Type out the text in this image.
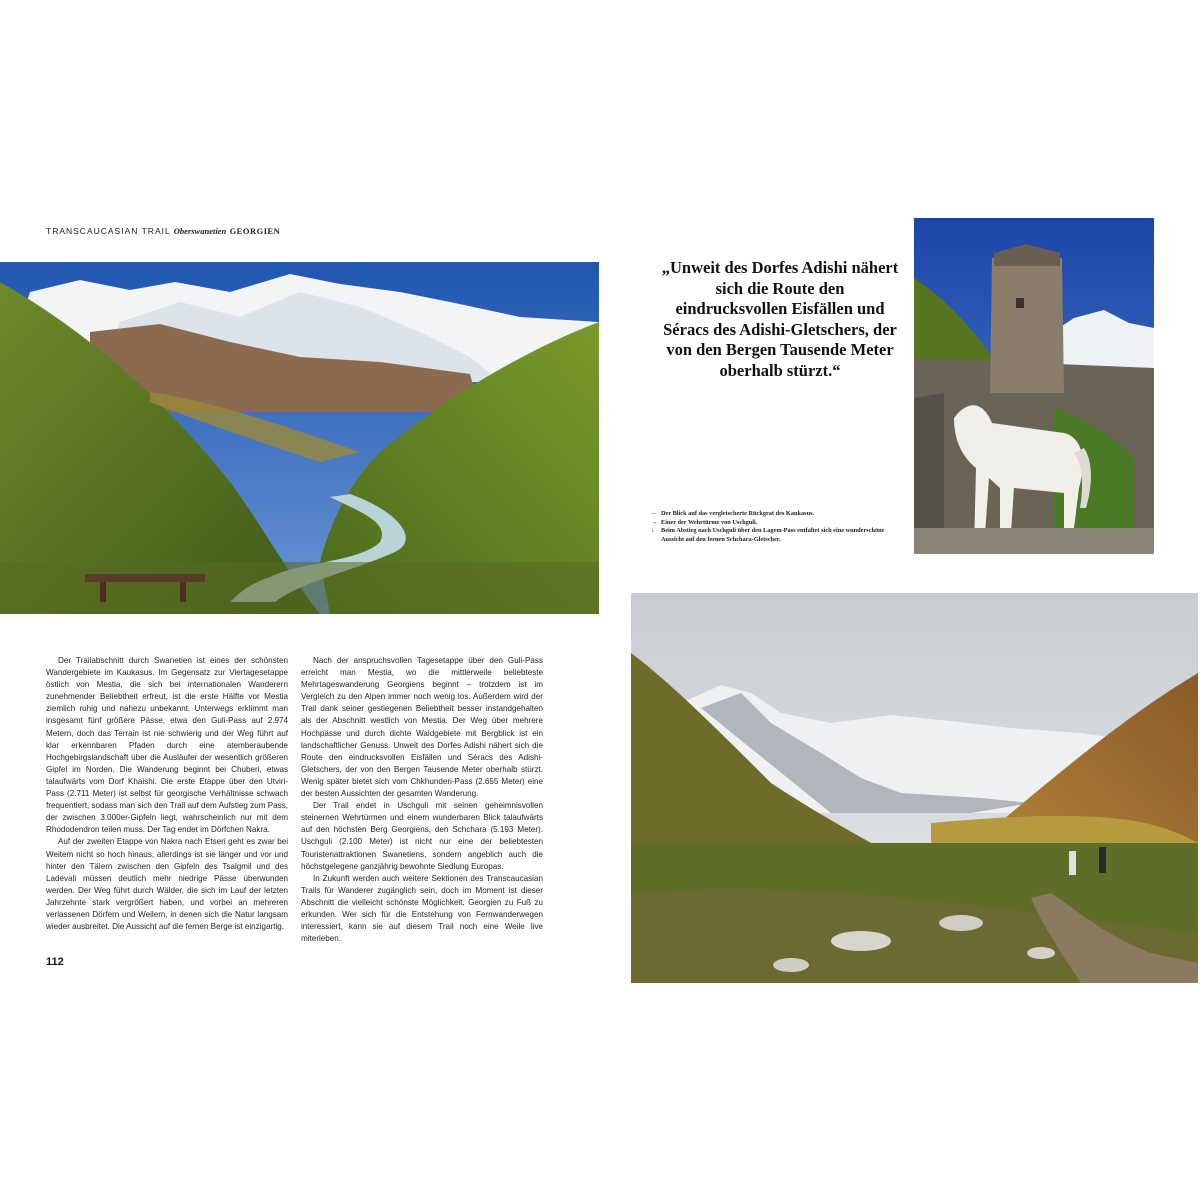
TRANSCAUCASIAN TRAIL Oberswanetien GEORGIEN

Der Trailabschnitt durch Swanetien ist eines der schönsten Wandergebiete im Kaukasus. Im Gegensatz zur Viertagesetappe östlich von Mestia, die sich bei internationalen Wanderern zunehmender Beliebtheit erfreut, ist die erste Hälfte vor Mestia ziemlich ruhig und nahezu unbekannt. Unterwegs erklimmt man insgesamt fünf größere Pässe, etwa den Guli-Pass auf 2.974 Metern, doch das Terrain ist nie schwierig und der Weg führt auf klar erkennbaren Pfaden durch eine atemberaubende Hochgebirgslandschaft über die Ausläufer der wesentlich größeren Gipfel im Norden. Die Wanderung beginnt bei Chuberi, etwas talaufwärts vom Dorf Khaishi. Die erste Etappe über den Utviri-Pass (2.711 Meter) ist selbst für georgische Verhältnisse schwach frequentiert, sodass man sich den Trail auf dem Aufstieg zum Pass, der zwischen 3.000er-Gipfeln liegt, wahrscheinlich nur mit dem Rhododendron teilen muss. Der Tag endet im Dörfchen Nakra.

Auf der zweiten Etappe von Nakra nach Etseri geht es zwar bei Weitem nicht so hoch hinaus, allerdings ist sie länger und vor und hinter den Tälern zwischen den Gipfeln des Tsalgmil und des Ladevali müssen deutlich mehr niedrige Pässe überwunden werden. Der Weg führt durch Wälder, die sich im Lauf der letzten Jahrzehnte stark vergrößert haben, und vorbei an mehreren verlassenen Dörfern und Weilern, in denen sich die Natur langsam wieder ausbreitet. Die Aussicht auf die fernen Berge ist einzigartig.

Nach der anspruchsvollen Tagesetappe über den Guli-Pass erreicht man Mestia, wo die mittlerweile beliebteste Mehrtageswanderung Georgiens beginnt – trotzdem ist im Vergleich zu den Alpen immer noch wenig los. Außerdem wird der Trail dank seiner gestiegenen Beliebtheit besser instandgehalten als der Abschnitt westlich von Mestia. Der Weg über mehrere Hochpässe und durch dichte Waldgebiete mit Bergblick ist ein landschaftlicher Genuss. Unweit des Dorfes Adishi nähert sich die Route den eindrucksvollen Eisfällen und Séracs des Adishi-Gletschers, der von den Bergen Tausende Meter oberhalb stürzt. Wenig später bietet sich vom Chkhunderi-Pass (2.655 Meter) eine der besten Aussichten der gesamten Wanderung.

Der Trail endet in Uschguli mit seinen geheimnisvollen steinernen Wehrtürmen und einem wunderbaren Blick talaufwärts auf den höchsten Berg Georgiens, den Schchara (5.193 Meter). Uschguli (2.100 Meter) ist nicht nur eine der beliebtesten Touristenattraktionen Swanetiens, sondern angeblich auch die höchstgelegene ganzjährig bewohnte Siedlung Europas.

In Zukunft werden auch weitere Sektionen des Transcaucasian Trails für Wanderer zugänglich sein, doch im Moment ist dieser Abschnitt die vielleicht schönste Möglichkeit, Georgien zu Fuß zu erkunden. Wer sich für die Entstehung von Fernwanderwegen interessiert, kann sie auf diesem Trail noch eine Weile live miterleben.

112
„Unweit des Dorfes Adishi nähert sich die Route den eindrucksvollen Eisfällen und Séracs des Adishi-Gletschers, der von den Bergen Tausende Meter oberhalb stürzt.“
← Der Blick auf das vergletscherte Rückgrat des Kaukasus.
→ Einer der Wehrtürme von Uschguli.
↓	Beim Abstieg nach Uschguli über den Lagem-Pass entfaltet sich eine wunderschöne Aussicht auf den fernen Schchara-Gletscher.
